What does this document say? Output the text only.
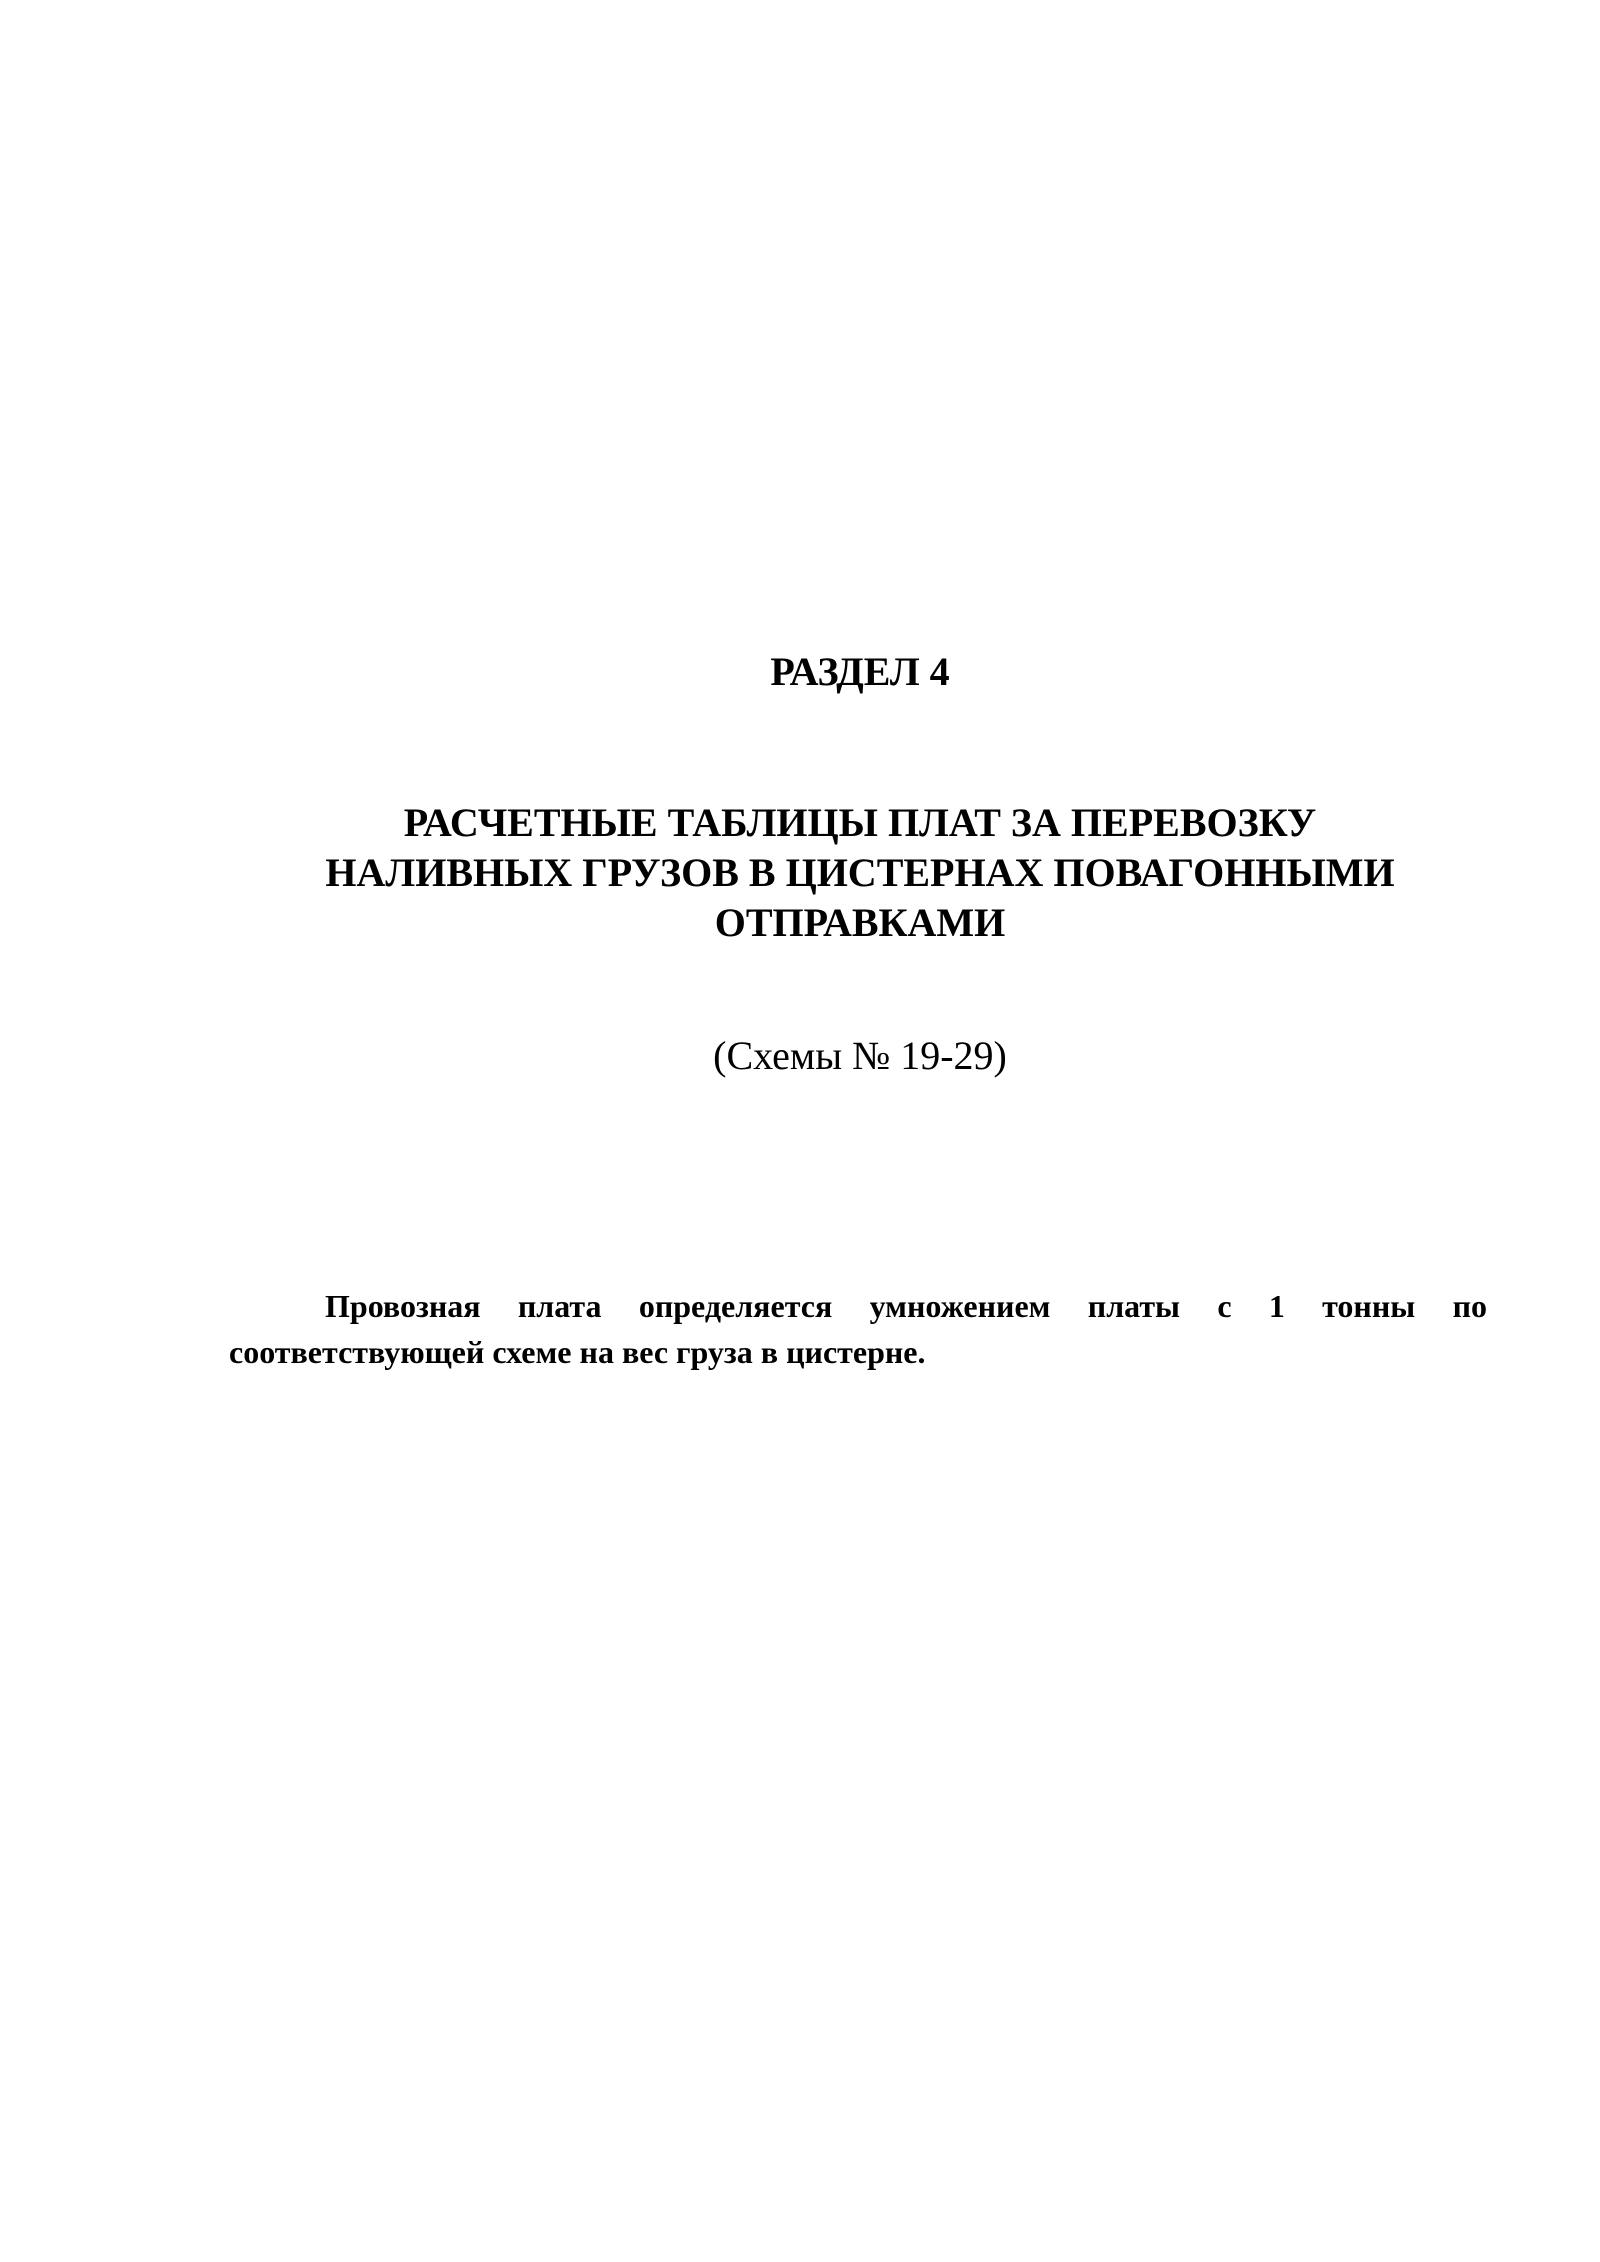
РАЗДЕЛ 4
РАСЧЕТНЫЕ ТАБЛИЦЫ ПЛАТ ЗА ПЕРЕВОЗКУ
НАЛИВНЫХ ГРУЗОВ В ЦИСТЕРНАХ ПОВАГОННЫМИ
ОТПРАВКАМИ

(Схемы № 19-29)

Провозная плата определяется умножением платы с 1 тонны по соответствующей схеме на вес груза в цистерне.
